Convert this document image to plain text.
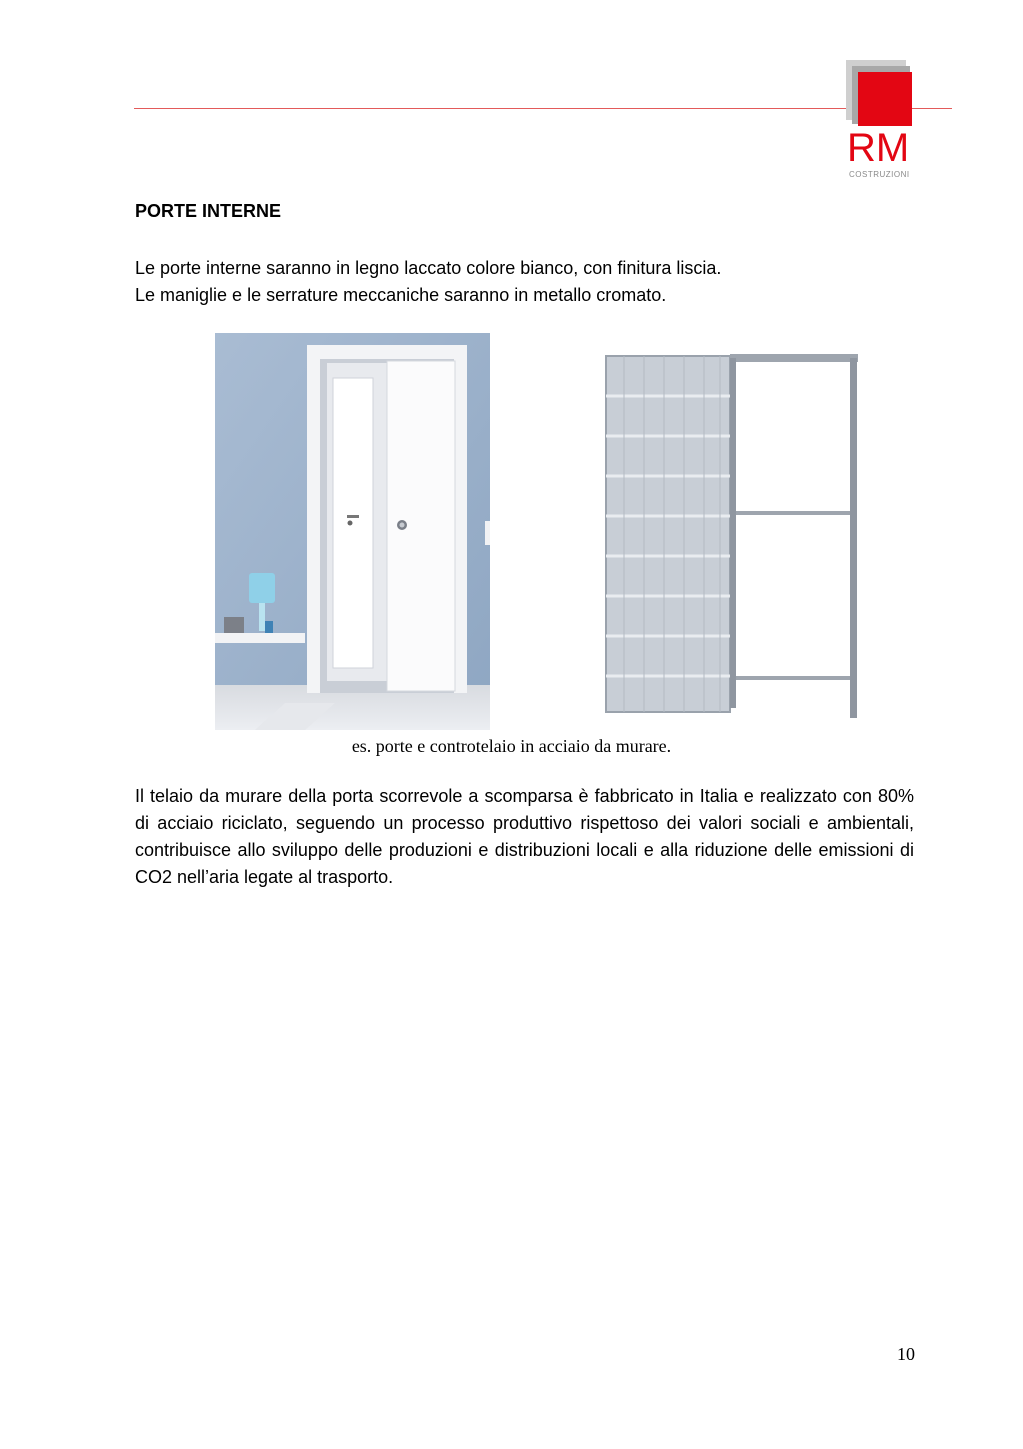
RM
COSTRUZIONI
PORTE INTERNE

Le porte interne saranno in legno laccato colore bianco, con finitura liscia.

Le maniglie e le serrature meccaniche saranno in metallo cromato.

es. porte e controtelaio in acciaio da murare.

Il telaio da murare della porta scorrevole a scomparsa è fabbricato in Italia e realizzato con 80% di acciaio riciclato, seguendo un processo produttivo rispettoso dei valori sociali e ambientali, contribuisce allo sviluppo delle produzioni e distribuzioni locali e alla riduzione delle emissioni di CO2 nell’aria legate al trasporto.

10
